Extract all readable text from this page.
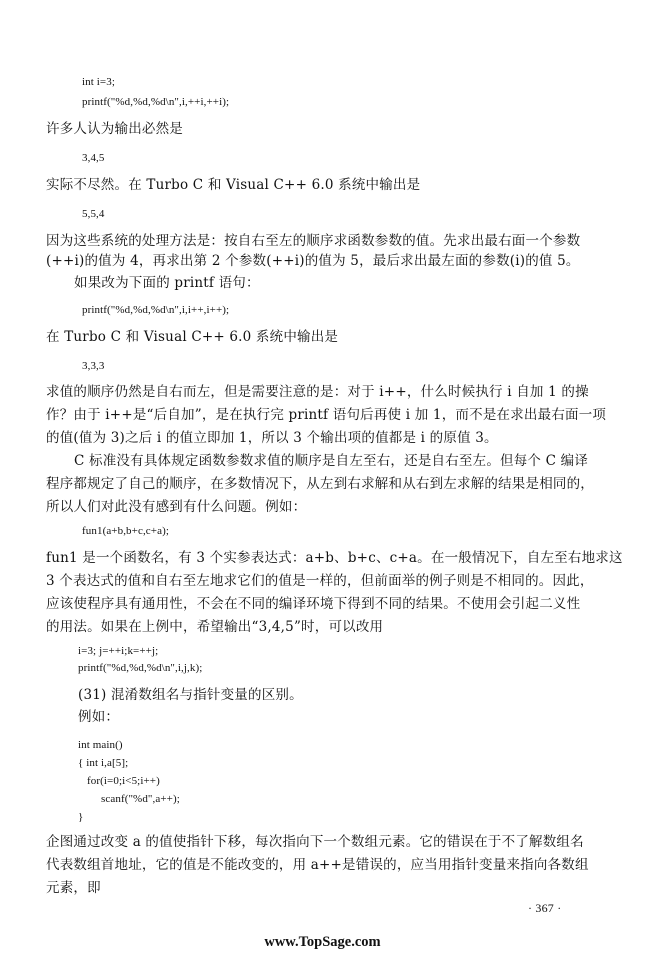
int i=3;
printf("%d,%d,%d\n",i,++i,++i);
许多人认为输出必然是
3,4,5
实际不尽然。在 Turbo C 和 Visual C++ 6.0 系统中输出是
5,5,4
因为这些系统的处理方法是：按自右至左的顺序求函数参数的值。先求出最右面一个参数
(++i)的值为 4，再求出第 2 个参数(++i)的值为 5，最后求出最左面的参数(i)的值 5。
如果改为下面的 printf 语句：
printf("%d,%d,%d\n",i,i++,i++);
在 Turbo C 和 Visual C++ 6.0 系统中输出是
3,3,3
求值的顺序仍然是自右而左，但是需要注意的是：对于 i++，什么时候执行 i 自加 1 的操
作？由于 i++是“后自加”，是在执行完 printf 语句后再使 i 加 1，而不是在求出最右面一项
的值(值为 3)之后 i 的值立即加 1，所以 3 个输出项的值都是 i 的原值 3。
C 标准没有具体规定函数参数求值的顺序是自左至右，还是自右至左。但每个 C 编译
程序都规定了自己的顺序，在多数情况下，从左到右求解和从右到左求解的结果是相同的，
所以人们对此没有感到有什么问题。例如：
fun1(a+b,b+c,c+a);
fun1 是一个函数名，有 3 个实参表达式：a+b、b+c、c+a。在一般情况下，自左至右地求这
3 个表达式的值和自右至左地求它们的值是一样的，但前面举的例子则是不相同的。因此，
应该使程序具有通用性，不会在不同的编译环境下得到不同的结果。不使用会引起二义性
的用法。如果在上例中，希望输出“3,4,5”时，可以改用
i=3; j=++i;k=++j;
printf("%d,%d,%d\n",i,j,k);
(31) 混淆数组名与指针变量的区别。
例如：
int main()
{ int i,a[5];
for(i=0;i<5;i++)
scanf("%d",a++);
}
企图通过改变 a 的值使指针下移，每次指向下一个数组元素。它的错误在于不了解数组名
代表数组首地址，它的值是不能改变的，用 a++是错误的，应当用指针变量来指向各数组
元素，即
· 367 ·
www.TopSage.com
